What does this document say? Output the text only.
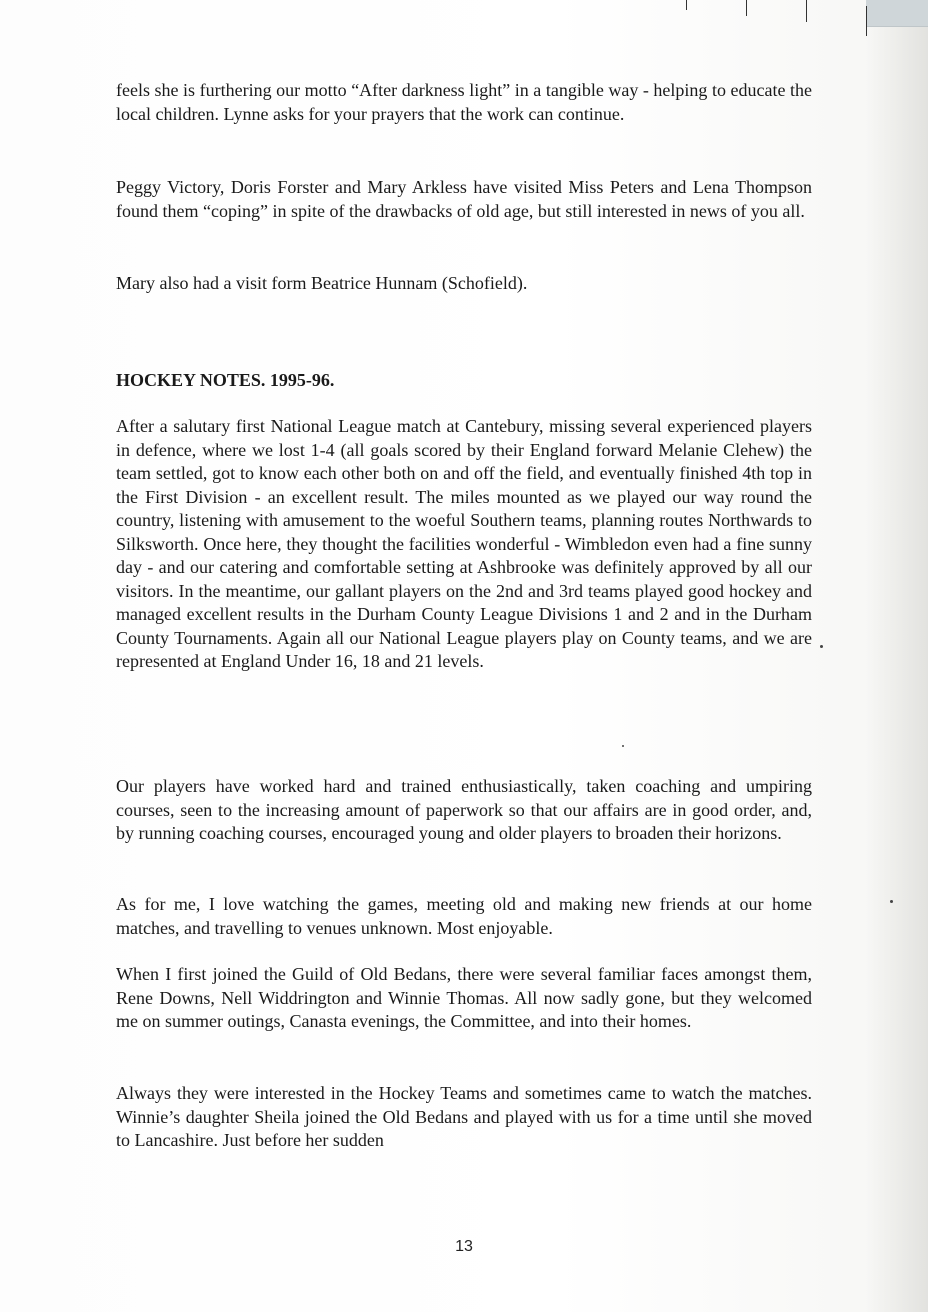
feels she is furthering our motto “After darkness light” in a tangible way - helping to educate the local children. Lynne asks for your prayers that the work can continue.

Peggy Victory, Doris Forster and Mary Arkless have visited Miss Peters and Lena Thompson found them “coping” in spite of the drawbacks of old age, but still interested in news of you all.

Mary also had a visit form Beatrice Hunnam (Schofield).

HOCKEY NOTES. 1995-96.

After a salutary first National League match at Cantebury, missing several experienced players in defence, where we lost 1-4 (all goals scored by their England forward Melanie Clehew) the team settled, got to know each other both on and off the field, and eventually finished 4th top in the First Division - an excellent result. The miles mounted as we played our way round the country, listening with amusement to the woeful Southern teams, planning routes Northwards to Silksworth. Once here, they thought the facilities wonderful - Wimbledon even had a fine sunny day - and our catering and comfortable setting at Ashbrooke was definitely approved by all our visitors. In the meantime, our gallant players on the 2nd and 3rd teams played good hockey and managed excellent results in the Durham County League Divisions 1 and 2 and in the Durham County Tournaments. Again all our National League players play on County teams, and we are represented at England Under 16, 18 and 21 levels.

Our players have worked hard and trained enthusiastically, taken coaching and umpiring courses, seen to the increasing amount of paperwork so that our affairs are in good order, and, by running coaching courses, encouraged young and older players to broaden their horizons.

As for me, I love watching the games, meeting old and making new friends at our home matches, and travelling to venues unknown. Most enjoyable.

When I first joined the Guild of Old Bedans, there were several familiar faces amongst them, Rene Downs, Nell Widdrington and Winnie Thomas. All now sadly gone, but they welcomed me on summer outings, Canasta evenings, the Committee, and into their homes.

Always they were interested in the Hockey Teams and sometimes came to watch the matches. Winnie’s daughter Sheila joined the Old Bedans and played with us for a time until she moved to Lancashire. Just before her sudden

13
